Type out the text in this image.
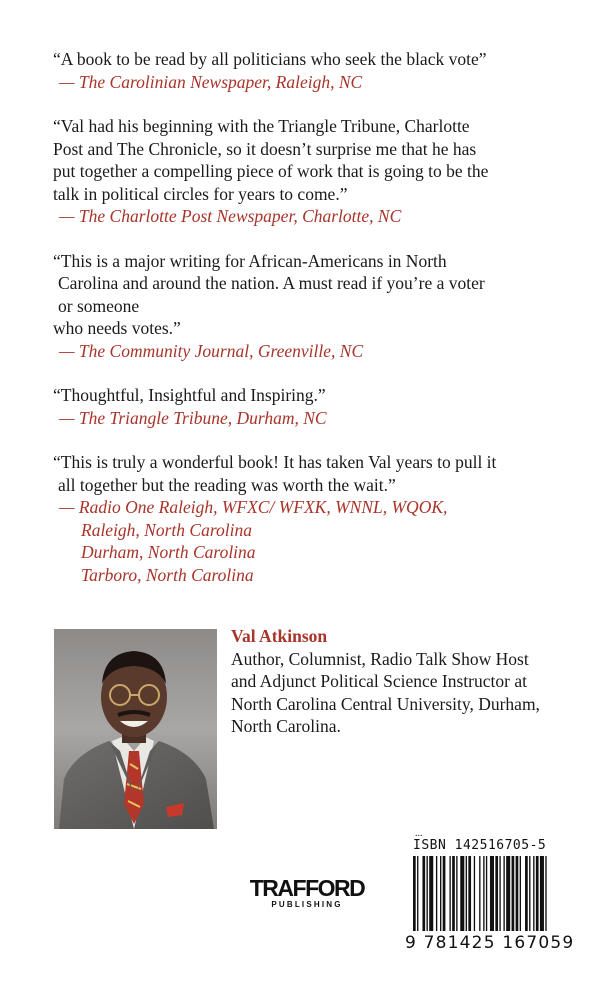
“A book to be read by all politicians who seek the black vote”
— The Carolinian Newspaper, Raleigh, NC
“Val had his beginning with the Triangle Tribune, Charlotte
Post and The Chronicle, so it doesn’t surprise me that he has
put together a compelling piece of work that is going to be the
talk in political circles for years to come.”
— The Charlotte Post Newspaper, Charlotte, NC
“This is a major writing for African-Americans in North
Carolina and around the nation. A must read if you’re a voter
or someone
who needs votes.”
— The Community Journal, Greenville, NC
“Thoughtful, Insightful and Inspiring.”
— The Triangle Tribune, Durham, NC
“This is truly a wonderful book! It has taken Val years to pull it
all together but the reading was worth the wait.”
— Radio One Raleigh, WFXC/ WFXK, WNNL, WQOK,
Raleigh, North Carolina
Durham, North Carolina
Tarboro, North Carolina
Val Atkinson
Author, Columnist, Radio Talk Show Host
and Adjunct Political Science Instructor at
North Carolina Central University, Durham,
North Carolina.
TRAFFORD
PUBLISHING
...
ISBN 142516705-5
9 781425 167059
